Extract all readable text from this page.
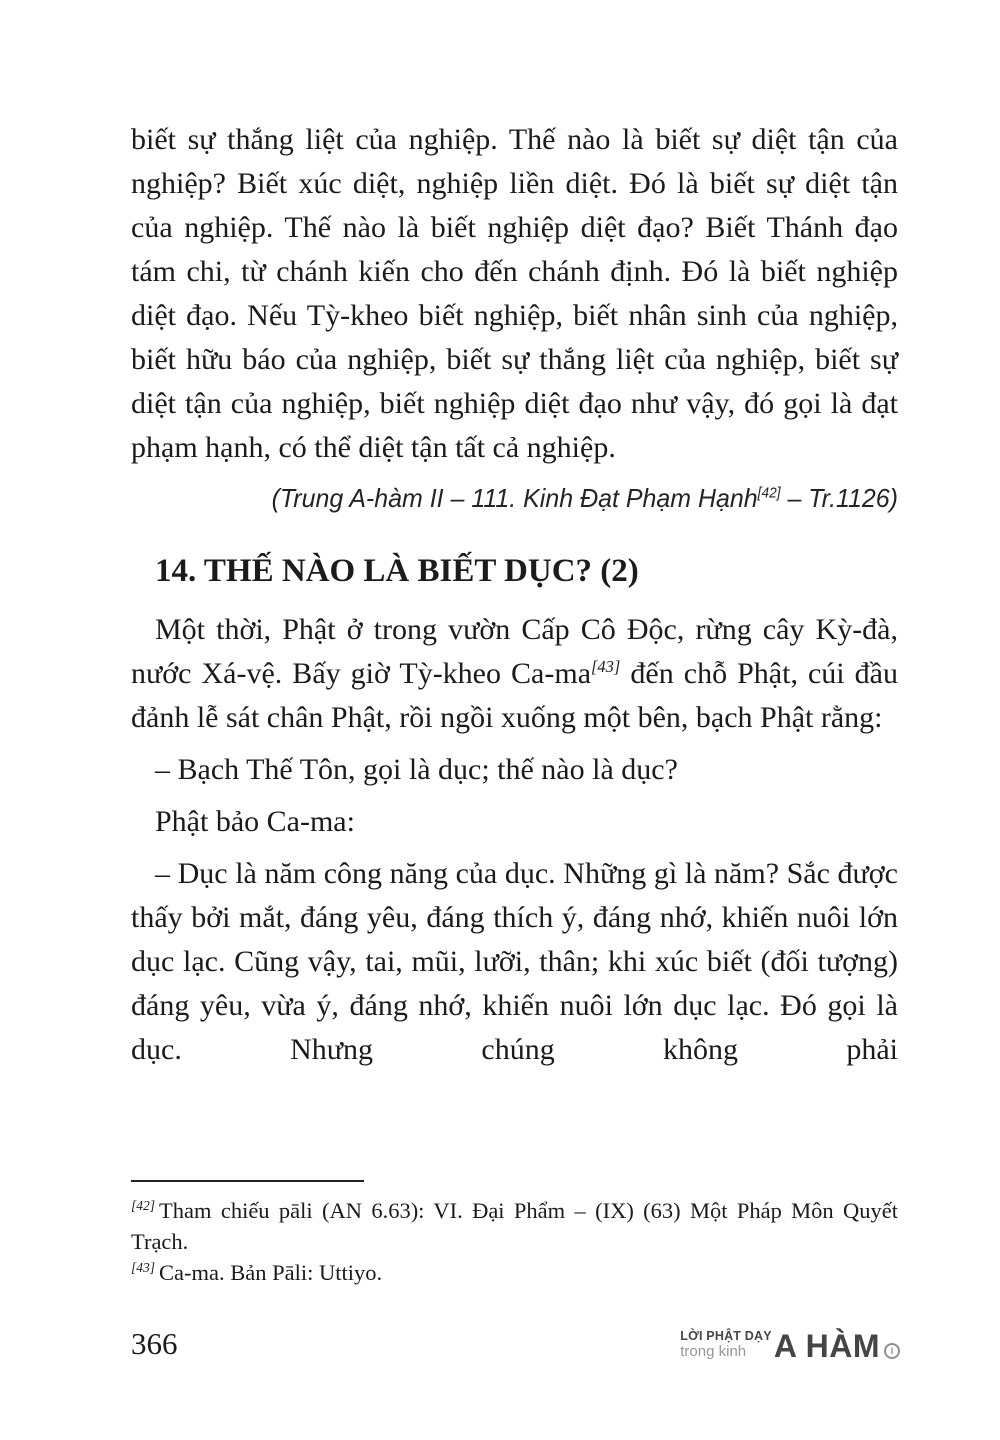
biết sự thắng liệt của nghiệp. Thế nào là biết sự diệt tận của nghiệp? Biết xúc diệt, nghiệp liền diệt. Đó là biết sự diệt tận của nghiệp. Thế nào là biết nghiệp diệt đạo? Biết Thánh đạo tám chi, từ chánh kiến cho đến chánh định. Đó là biết nghiệp diệt đạo. Nếu Tỳ-kheo biết nghiệp, biết nhân sinh của nghiệp, biết hữu báo của nghiệp, biết sự thắng liệt của nghiệp, biết sự diệt tận của nghiệp, biết nghiệp diệt đạo như vậy, đó gọi là đạt phạm hạnh, có thể diệt tận tất cả nghiệp.

(Trung A-hàm II – 111. Kinh Đạt Phạm Hạnh[42] – Tr.1126)

14. THẾ NÀO LÀ BIẾT DỤC? (2)

Một thời, Phật ở trong vườn Cấp Cô Độc, rừng cây Kỳ-đà, nước Xá-vệ. Bấy giờ Tỳ-kheo Ca-ma[43] đến chỗ Phật, cúi đầu đảnh lễ sát chân Phật, rồi ngồi xuống một bên, bạch Phật rằng:

– Bạch Thế Tôn, gọi là dục; thế nào là dục?

Phật bảo Ca-ma:

– Dục là năm công năng của dục. Những gì là năm? Sắc được thấy bởi mắt, đáng yêu, đáng thích ý, đáng nhớ, khiến nuôi lớn dục lạc. Cũng vậy, tai, mũi, lưỡi, thân; khi xúc biết (đối tượng) đáng yêu, vừa ý, đáng nhớ, khiến nuôi lớn dục lạc. Đó gọi là dục. Nhưng chúng không phải

[42] Tham chiếu pāli (AN 6.63): VI. Đại Phẩm – (IX) (63) Một Pháp Môn Quyết Trạch.

[43] Ca-ma. Bản Pāli: Uttiyo.

366	LỜI PHẬT DẠY
trong kinh A HÀM	I
